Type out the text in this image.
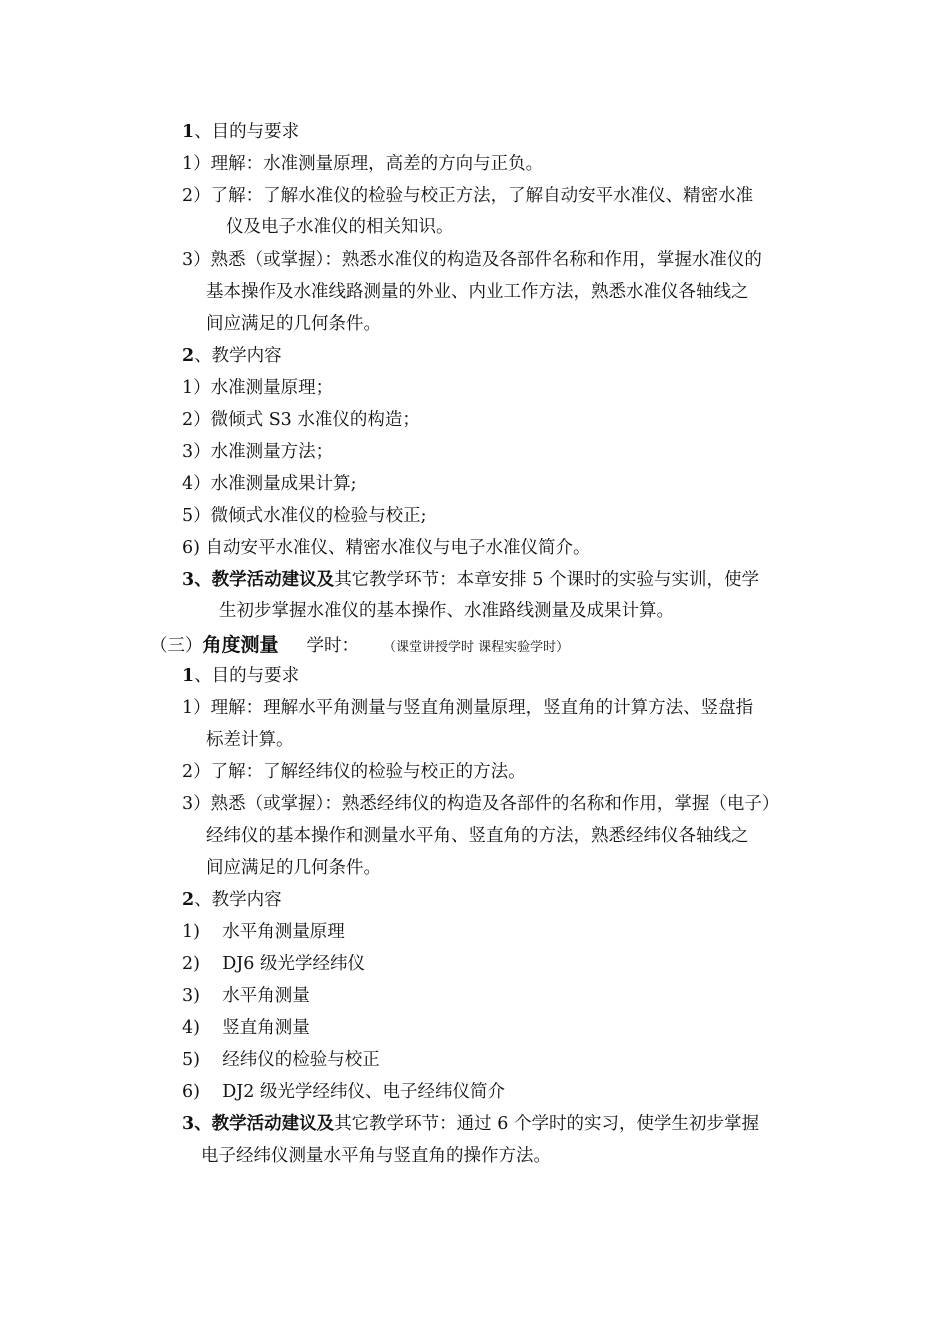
1、目的与要求
1）理解：水准测量原理，高差的方向与正负。
2）了解：了解水准仪的检验与校正方法，了解自动安平水准仪、精密水准
仪及电子水准仪的相关知识。
3）熟悉（或掌握）：熟悉水准仪的构造及各部件名称和作用，掌握水准仪的
基本操作及水准线路测量的外业、内业工作方法，熟悉水准仪各轴线之
间应满足的几何条件。
2、教学内容
1）水准测量原理；
2）微倾式 S3 水准仪的构造；
3）水准测量方法；
4）水准测量成果计算;
5）微倾式水准仪的检验与校正;
6) 自动安平水准仪、精密水准仪与电子水准仪简介。
3、教学活动建议及其它教学环节：本章安排 5 个课时的实验与实训，使学
生初步掌握水准仪的基本操作、水准路线测量及成果计算。
（三）角度测量 学时： （课堂讲授学时 课程实验学时）
1、目的与要求
1）理解：理解水平角测量与竖直角测量原理，竖直角的计算方法、竖盘指
标差计算。
2）了解：了解经纬仪的检验与校正的方法。
3）熟悉（或掌握）：熟悉经纬仪的构造及各部件的名称和作用，掌握（电子）
经纬仪的基本操作和测量水平角、竖直角的方法，熟悉经纬仪各轴线之
间应满足的几何条件。
2、教学内容
1)    水平角测量原理
2)    DJ6 级光学经纬仪
3)    水平角测量
4)    竖直角测量
5)    经纬仪的检验与校正
6)    DJ2 级光学经纬仪、电子经纬仪简介
3、教学活动建议及其它教学环节：通过 6 个学时的实习，使学生初步掌握
电子经纬仪测量水平角与竖直角的操作方法。
